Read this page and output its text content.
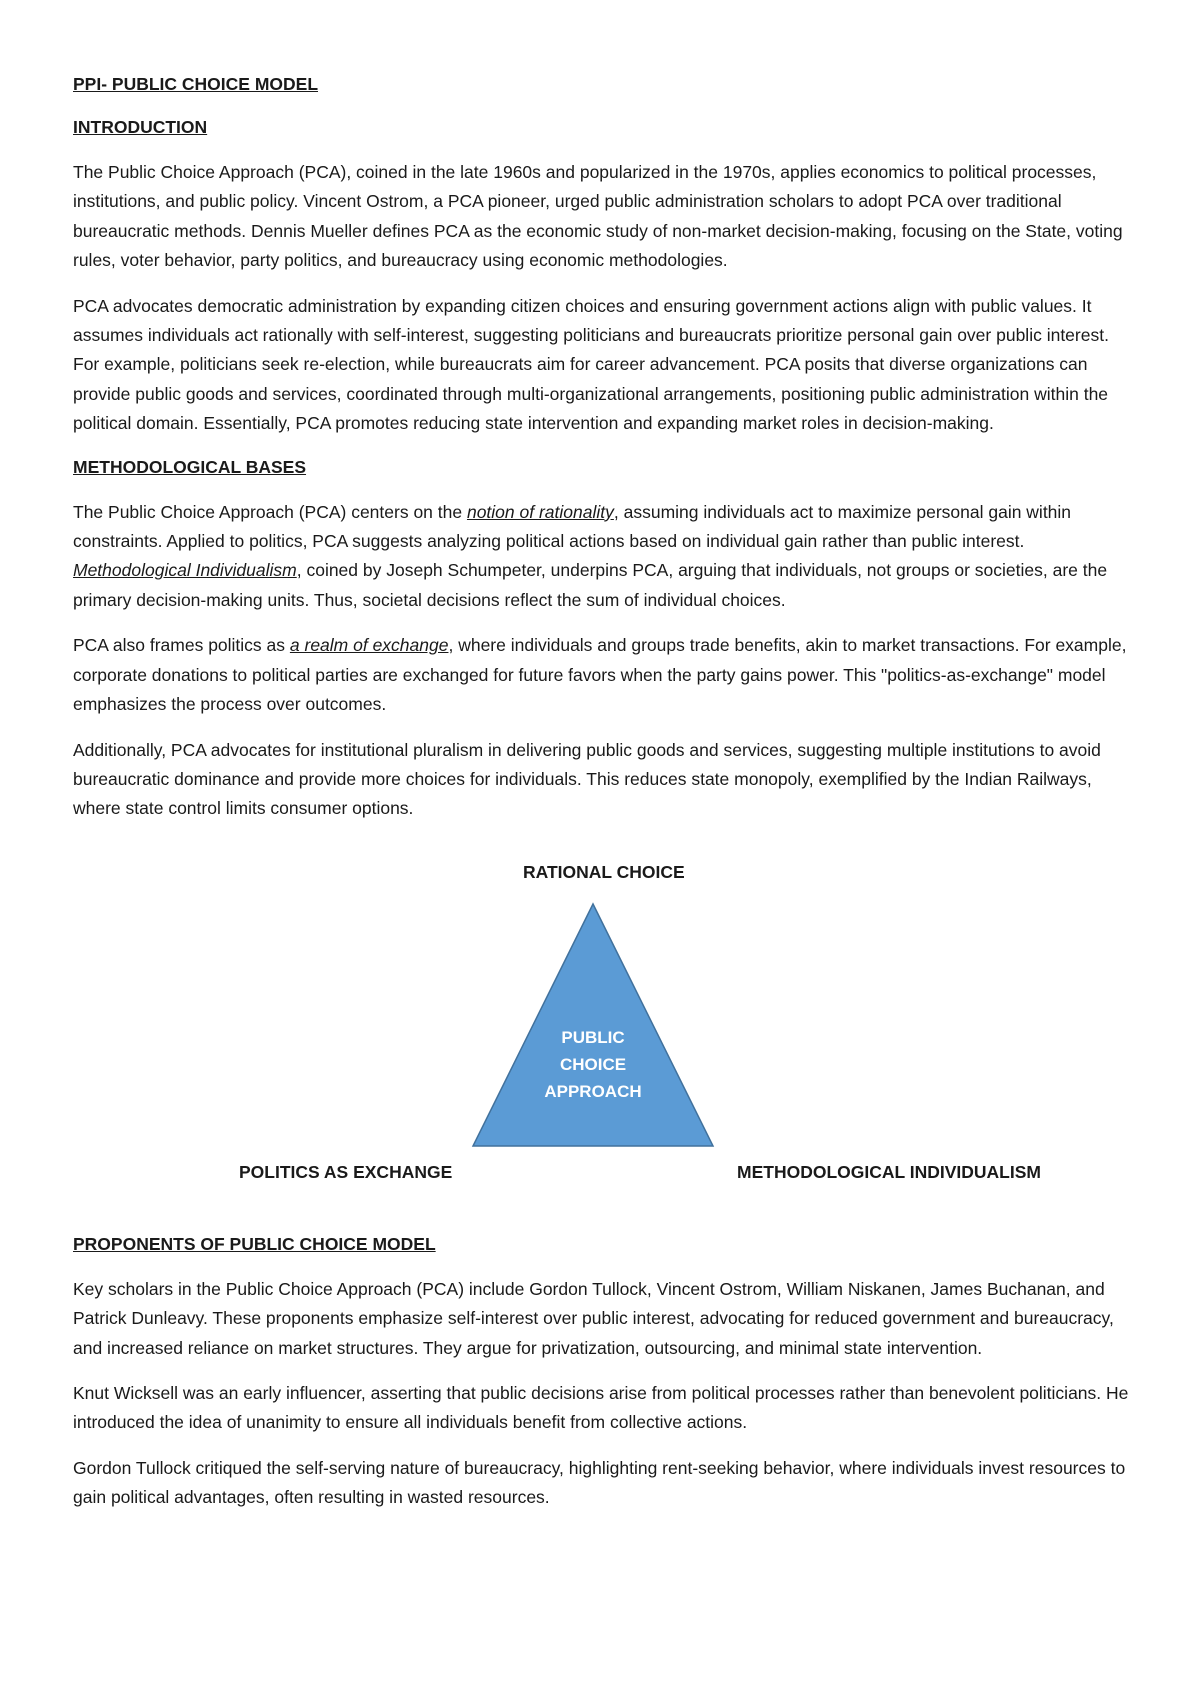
PPI- PUBLIC CHOICE MODEL
INTRODUCTION

The Public Choice Approach (PCA), coined in the late 1960s and popularized in the 1970s, applies economics to political processes, institutions, and public policy. Vincent Ostrom, a PCA pioneer, urged public administration scholars to adopt PCA over traditional bureaucratic methods. Dennis Mueller defines PCA as the economic study of non-market decision-making, focusing on the State, voting rules, voter behavior, party politics, and bureaucracy using economic methodologies.

PCA advocates democratic administration by expanding citizen choices and ensuring government actions align with public values. It assumes individuals act rationally with self-interest, suggesting politicians and bureaucrats prioritize personal gain over public interest. For example, politicians seek re-election, while bureaucrats aim for career advancement. PCA posits that diverse organizations can provide public goods and services, coordinated through multi-organizational arrangements, positioning public administration within the political domain. Essentially, PCA promotes reducing state intervention and expanding market roles in decision-making.

METHODOLOGICAL BASES

The Public Choice Approach (PCA) centers on the notion of rationality, assuming individuals act to maximize personal gain within constraints. Applied to politics, PCA suggests analyzing political actions based on individual gain rather than public interest. Methodological Individualism, coined by Joseph Schumpeter, underpins PCA, arguing that individuals, not groups or societies, are the primary decision-making units. Thus, societal decisions reflect the sum of individual choices.

PCA also frames politics as a realm of exchange, where individuals and groups trade benefits, akin to market transactions. For example, corporate donations to political parties are exchanged for future favors when the party gains power. This "politics-as-exchange" model emphasizes the process over outcomes.

Additionally, PCA advocates for institutional pluralism in delivering public goods and services, suggesting multiple institutions to avoid bureaucratic dominance and provide more choices for individuals. This reduces state monopoly, exemplified by the Indian Railways, where state control limits consumer options.

RATIONAL CHOICE
PUBLIC
CHOICE
APPROACH
POLITICS AS EXCHANGE	METHODOLOGICAL INDIVIDUALISM
PROPONENTS OF PUBLIC CHOICE MODEL

Key scholars in the Public Choice Approach (PCA) include Gordon Tullock, Vincent Ostrom, William Niskanen, James Buchanan, and Patrick Dunleavy. These proponents emphasize self-interest over public interest, advocating for reduced government and bureaucracy, and increased reliance on market structures. They argue for privatization, outsourcing, and minimal state intervention.

Knut Wicksell was an early influencer, asserting that public decisions arise from political processes rather than benevolent politicians. He introduced the idea of unanimity to ensure all individuals benefit from collective actions.

Gordon Tullock critiqued the self-serving nature of bureaucracy, highlighting rent-seeking behavior, where individuals invest resources to gain political advantages, often resulting in wasted resources.
